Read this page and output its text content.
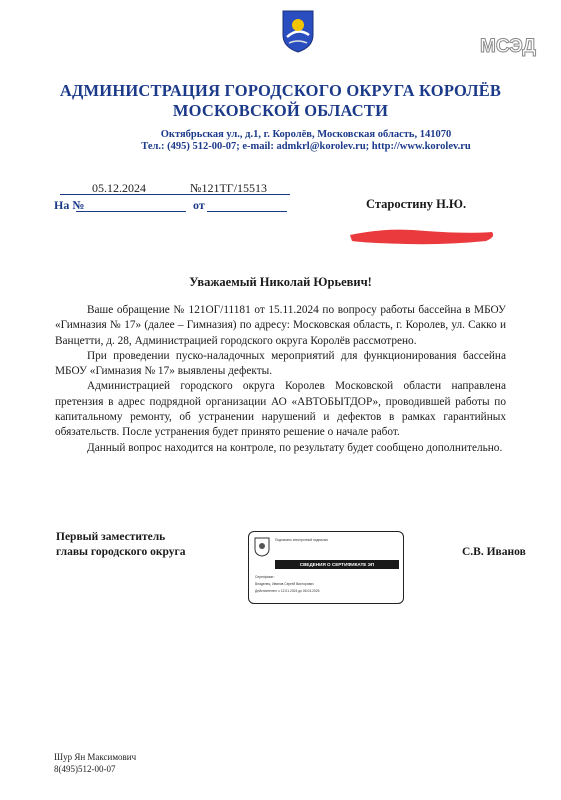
МСЭД
АДМИНИСТРАЦИЯ ГОРОДСКОГО ОКРУГА КОРОЛЁВ
МОСКОВСКОЙ ОБЛАСТИ
Октябрьская ул., д.1, г. Королёв, Московская область, 141070
Тел.: (495) 512-00-07; e-mail: admkrl@korolev.ru; http://www.korolev.ru
05.12.2024	№121ТГ/15513
На №	от	Старостину Н.Ю.
Уважаемый Николай Юрьевич!

Ваше обращение № 121ОГ/11181 от 15.11.2024 по вопросу работы бассейна в МБОУ «Гимназия № 17» (далее – Гимназия) по адресу: Московская область, г. Королев, ул. Сакко и Ванцетти, д. 28, Администрацией городского округа Королёв рассмотрено.

При проведении пуско-наладочных мероприятий для функционирования бассейна МБОУ «Гимназия № 17» выявлены дефекты.

Администрацией городского округа Королев Московской области направлена претензия в адрес подрядной организации АО «АВТОБЫТДОР», проводившей работы по капитальному ремонту, об устранении нарушений и дефектов в рамках гарантийных обязательств. После устранения будет принято решение о начале работ.

Данный вопрос находится на контроле, по результату будет сообщено дополнительно.

Первый заместитель
главы городского округа
Подписано электронной подписью
СВЕДЕНИЯ О СЕРТИФИКАТЕ ЭП
Сертификат:
Владелец: Иванов Сергей Викторович
Действителен: с 12.01.2024 до 06.04.2025
С.В. Иванов
Шур Ян Максимович
8(495)512-00-07
